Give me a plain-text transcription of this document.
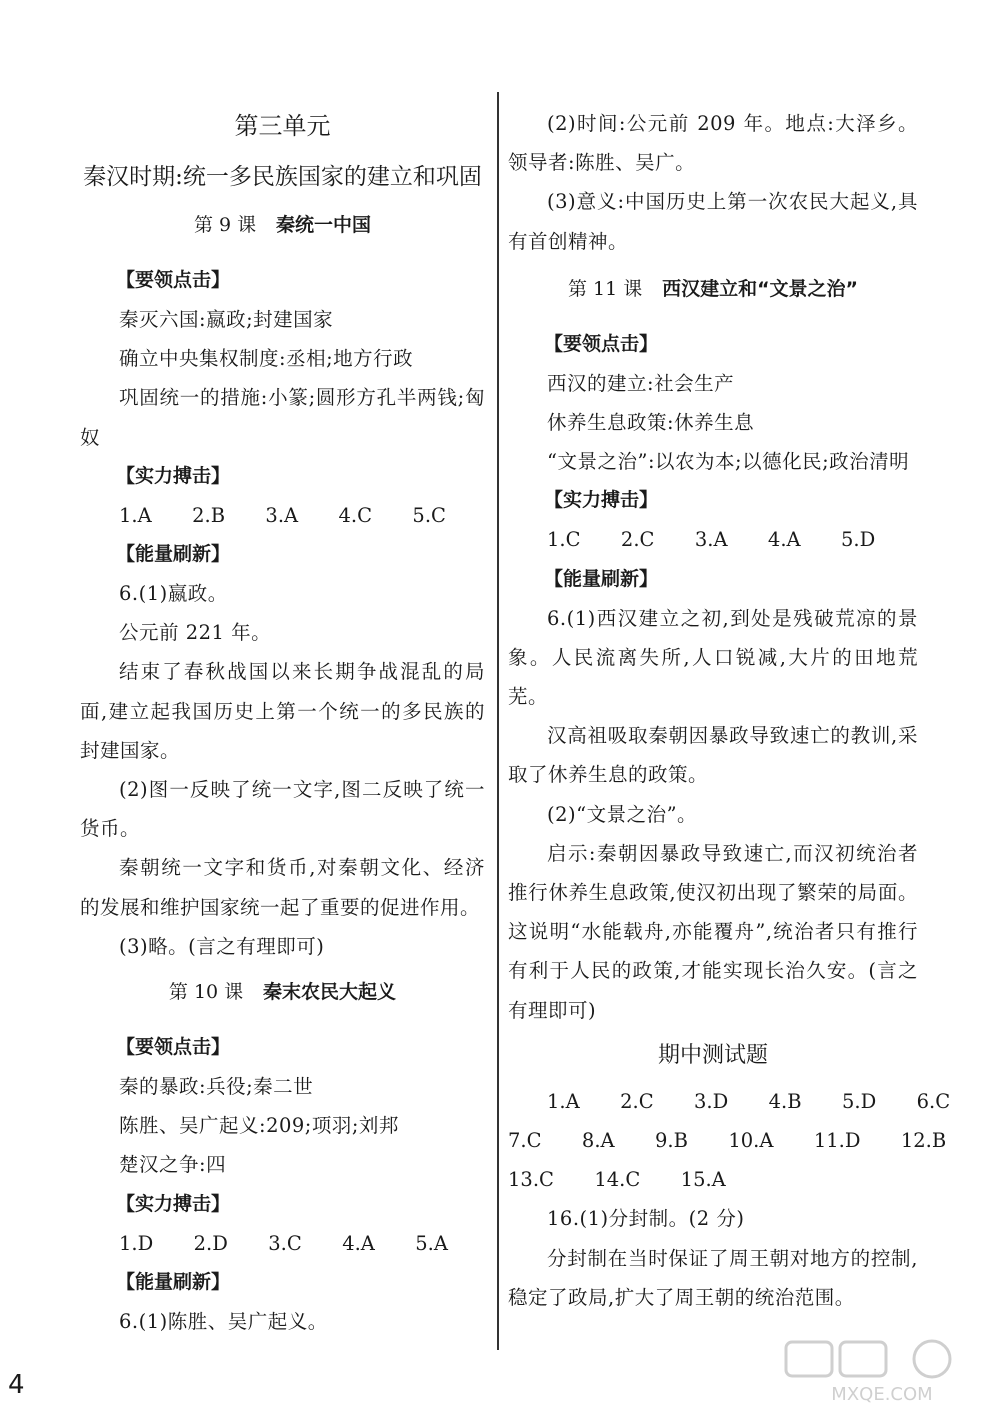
第三单元
秦汉时期:统一多民族国家的建立和巩固
第 9 课 秦统一中国
【要领点击】
秦灭六国:嬴政;封建国家
确立中央集权制度:丞相;地方行政
巩固统一的措施:小篆;圆形方孔半两钱;匈奴
【实力搏击】
1.A  2.B  3.A  4.C  5.C
【能量刷新】
6.(1)嬴政。
公元前 221 年。
结束了春秋战国以来长期争战混乱的局面,建立起我国历史上第一个统一的多民族的封建国家。
(2)图一反映了统一文字,图二反映了统一货币。
秦朝统一文字和货币,对秦朝文化、经济的发展和维护国家统一起了重要的促进作用。
(3)略。(言之有理即可)
第 10 课 秦末农民大起义
【要领点击】
秦的暴政:兵役;秦二世
陈胜、吴广起义:209;项羽;刘邦
楚汉之争:四
【实力搏击】
1.D  2.D  3.C  4.A  5.A
【能量刷新】
6.(1)陈胜、吴广起义。
(2)时间:公元前 209 年。地点:大泽乡。领导者:陈胜、吴广。
(3)意义:中国历史上第一次农民大起义,具有首创精神。
第 11 课 西汉建立和“文景之治”
【要领点击】
西汉的建立:社会生产
休养生息政策:休养生息
“文景之治”:以农为本;以德化民;政治清明
【实力搏击】
1.C  2.C  3.A  4.A  5.D
【能量刷新】
6.(1)西汉建立之初,到处是残破荒凉的景象。人民流离失所,人口锐减,大片的田地荒芜。
汉高祖吸取秦朝因暴政导致速亡的教训,采取了休养生息的政策。
(2)“文景之治”。
启示:秦朝因暴政导致速亡,而汉初统治者推行休养生息政策,使汉初出现了繁荣的局面。这说明“水能载舟,亦能覆舟”,统治者只有推行有利于人民的政策,才能实现长治久安。(言之有理即可)
期中测试题
1.A  2.C  3.D  4.B  5.D  6.C
7.C  8.A  9.B  10.A  11.D  12.B
13.C  14.C  15.A
16.(1)分封制。(2 分)
分封制在当时保证了周王朝对地方的控制,稳定了政局,扩大了周王朝的统治范围。
4	MXQE.COM
